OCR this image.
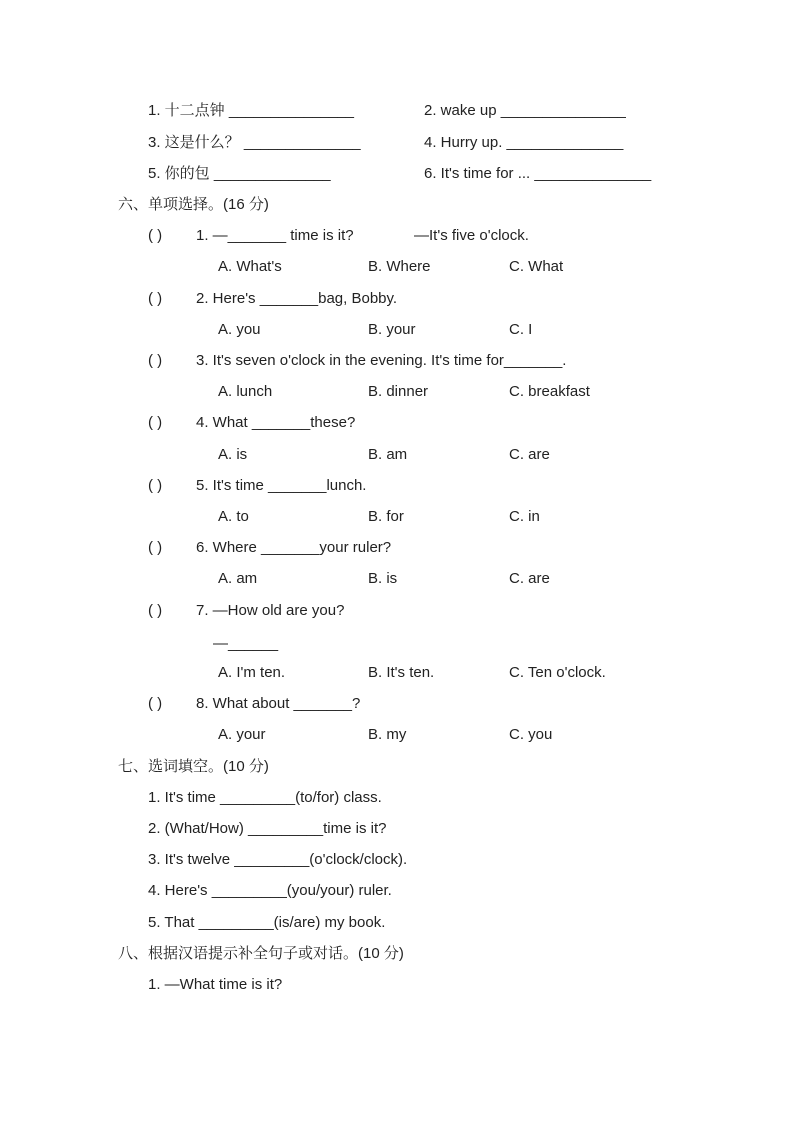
1. 十二点钟 _______________	2. wake up _______________
3. 这是什么？ ______________	4. Hurry up. ______________
5. 你的包 ______________	6. It's time for ... ______________
六、单项选择。(16 分)
( ) 1. —_______ time is it?	—It's five o'clock.
A. What's	B. Where	C. What
( ) 2. Here's _______bag, Bobby.
A. you	B. your	C. I
( ) 3. It's seven o'clock in the evening. It's time for_______.
A. lunch	B. dinner	C. breakfast
( ) 4. What _______these?
A. is	B. am	C. are
( ) 5. It's time _______lunch.
A. to	B. for	C. in
( ) 6. Where _______your ruler?
A. am	B. is	C. are
( ) 7. —How old are you?
—______
A. I'm ten.	B. It's ten.	C. Ten o'clock.
( ) 8. What about _______?
A. your	B. my	C. you
七、选词填空。(10 分)
1. It's time _________(to/for) class.
2. (What/How) _________time is it?
3. It's twelve _________(o'clock/clock).
4. Here's _________(you/your) ruler.
5. That _________(is/are) my book.
八、根据汉语提示补全句子或对话。(10 分)
1. —What time is it?
